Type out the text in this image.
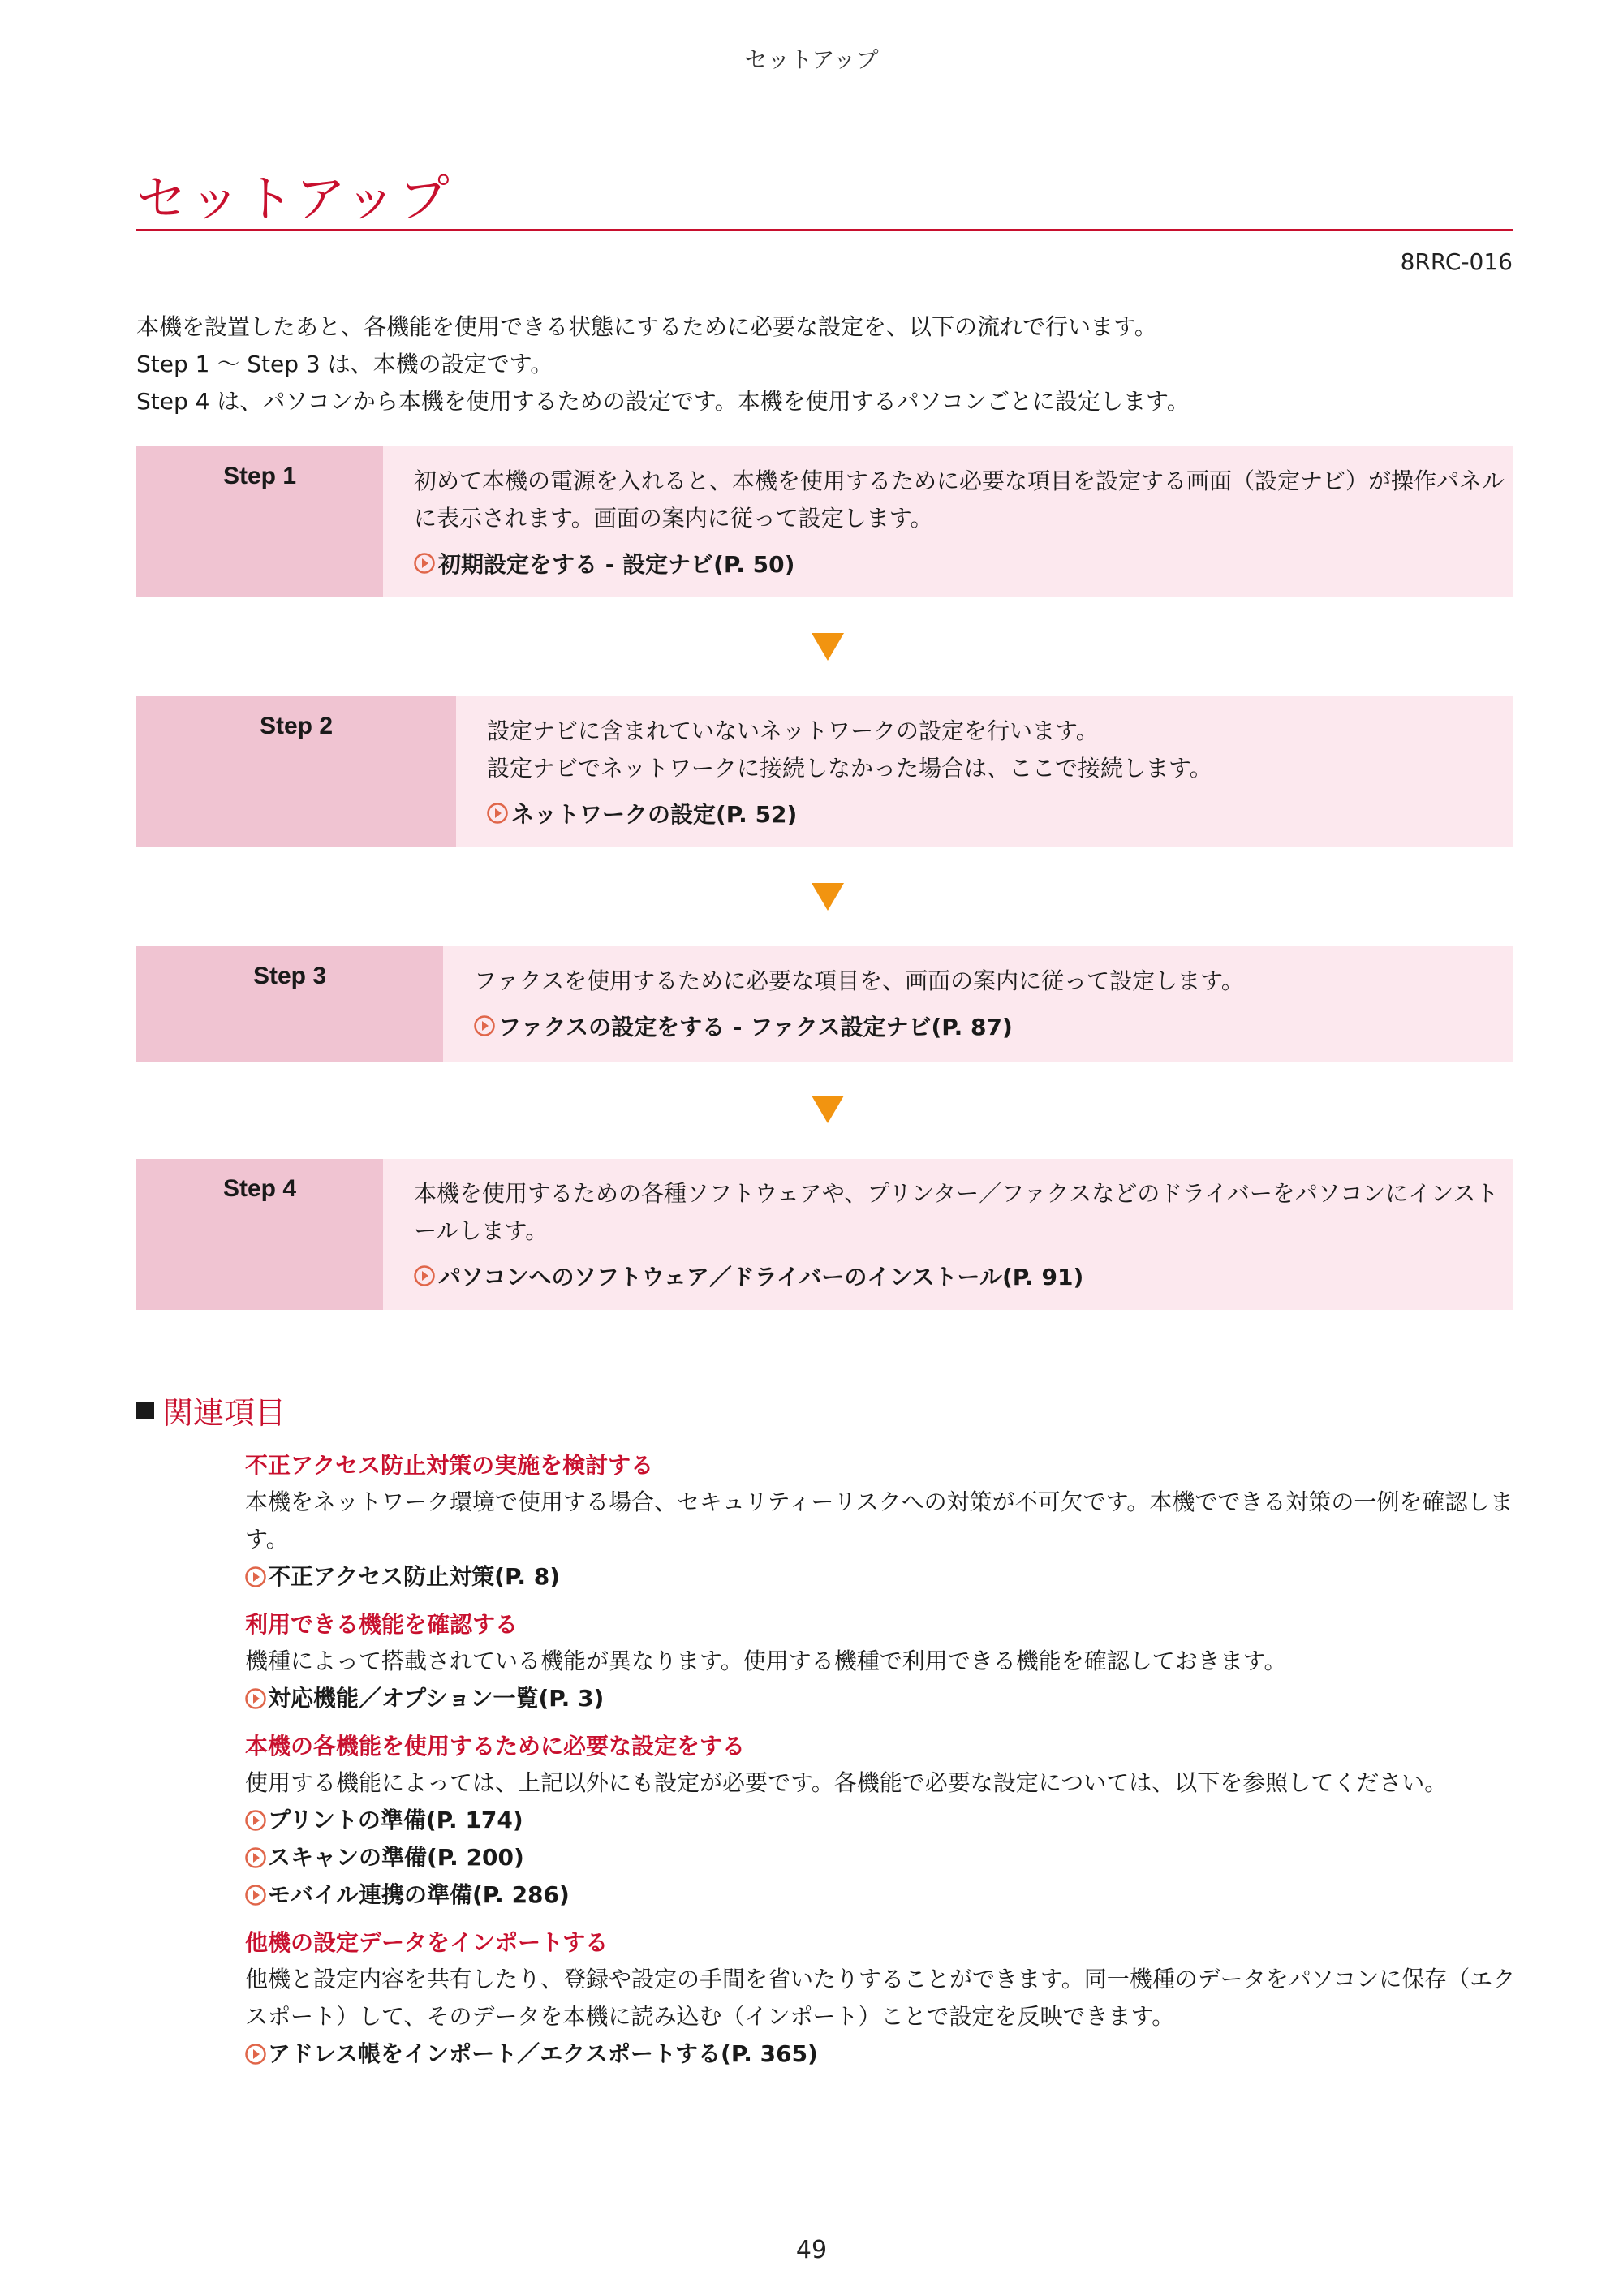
セットアップ
セットアップ
8RRC-016

本機を設置したあと、各機能を使用できる状態にするために必要な設定を、以下の流れで行います。

Step 1 〜 Step 3 は、本機の設定です。

Step 4 は、パソコンから本機を使用するための設定です。本機を使用するパソコンごとに設定します。

Step 1	初めて本機の電源を入れると、本機を使用するために必要な項目を設定する画面（設定ナビ）が操作パネルに表示されます。画面の案内に従って設定します。

初期設定をする - 設定ナビ(P. 50)
Step 2	設定ナビに含まれていないネットワークの設定を行います。
設定ナビでネットワークに接続しなかった場合は、ここで接続します。

ネットワークの設定(P. 52)
Step 3	ファクスを使用するために必要な項目を、画面の案内に従って設定します。

ファクスの設定をする - ファクス設定ナビ(P. 87)
Step 4	本機を使用するための各種ソフトウェアや、プリンター／ファクスなどのドライバーをパソコンにインストールします。

パソコンへのソフトウェア／ドライバーのインストール(P. 91)
関連項目
不正アクセス防止対策の実施を検討する

本機をネットワーク環境で使用する場合、セキュリティーリスクへの対策が不可欠です。本機でできる対策の一例を確認します。

不正アクセス防止対策(P. 8)
利用できる機能を確認する

機種によって搭載されている機能が異なります。使用する機種で利用できる機能を確認しておきます。

対応機能／オプション一覧(P. 3)
本機の各機能を使用するために必要な設定をする

使用する機能によっては、上記以外にも設定が必要です。各機能で必要な設定については、以下を参照してください。

プリントの準備(P. 174)
スキャンの準備(P. 200)
モバイル連携の準備(P. 286)
他機の設定データをインポートする

他機と設定内容を共有したり、登録や設定の手間を省いたりすることができます。同一機種のデータをパソコンに保存（エクスポート）して、そのデータを本機に読み込む（インポート）ことで設定を反映できます。

アドレス帳をインポート／エクスポートする(P. 365)
49
